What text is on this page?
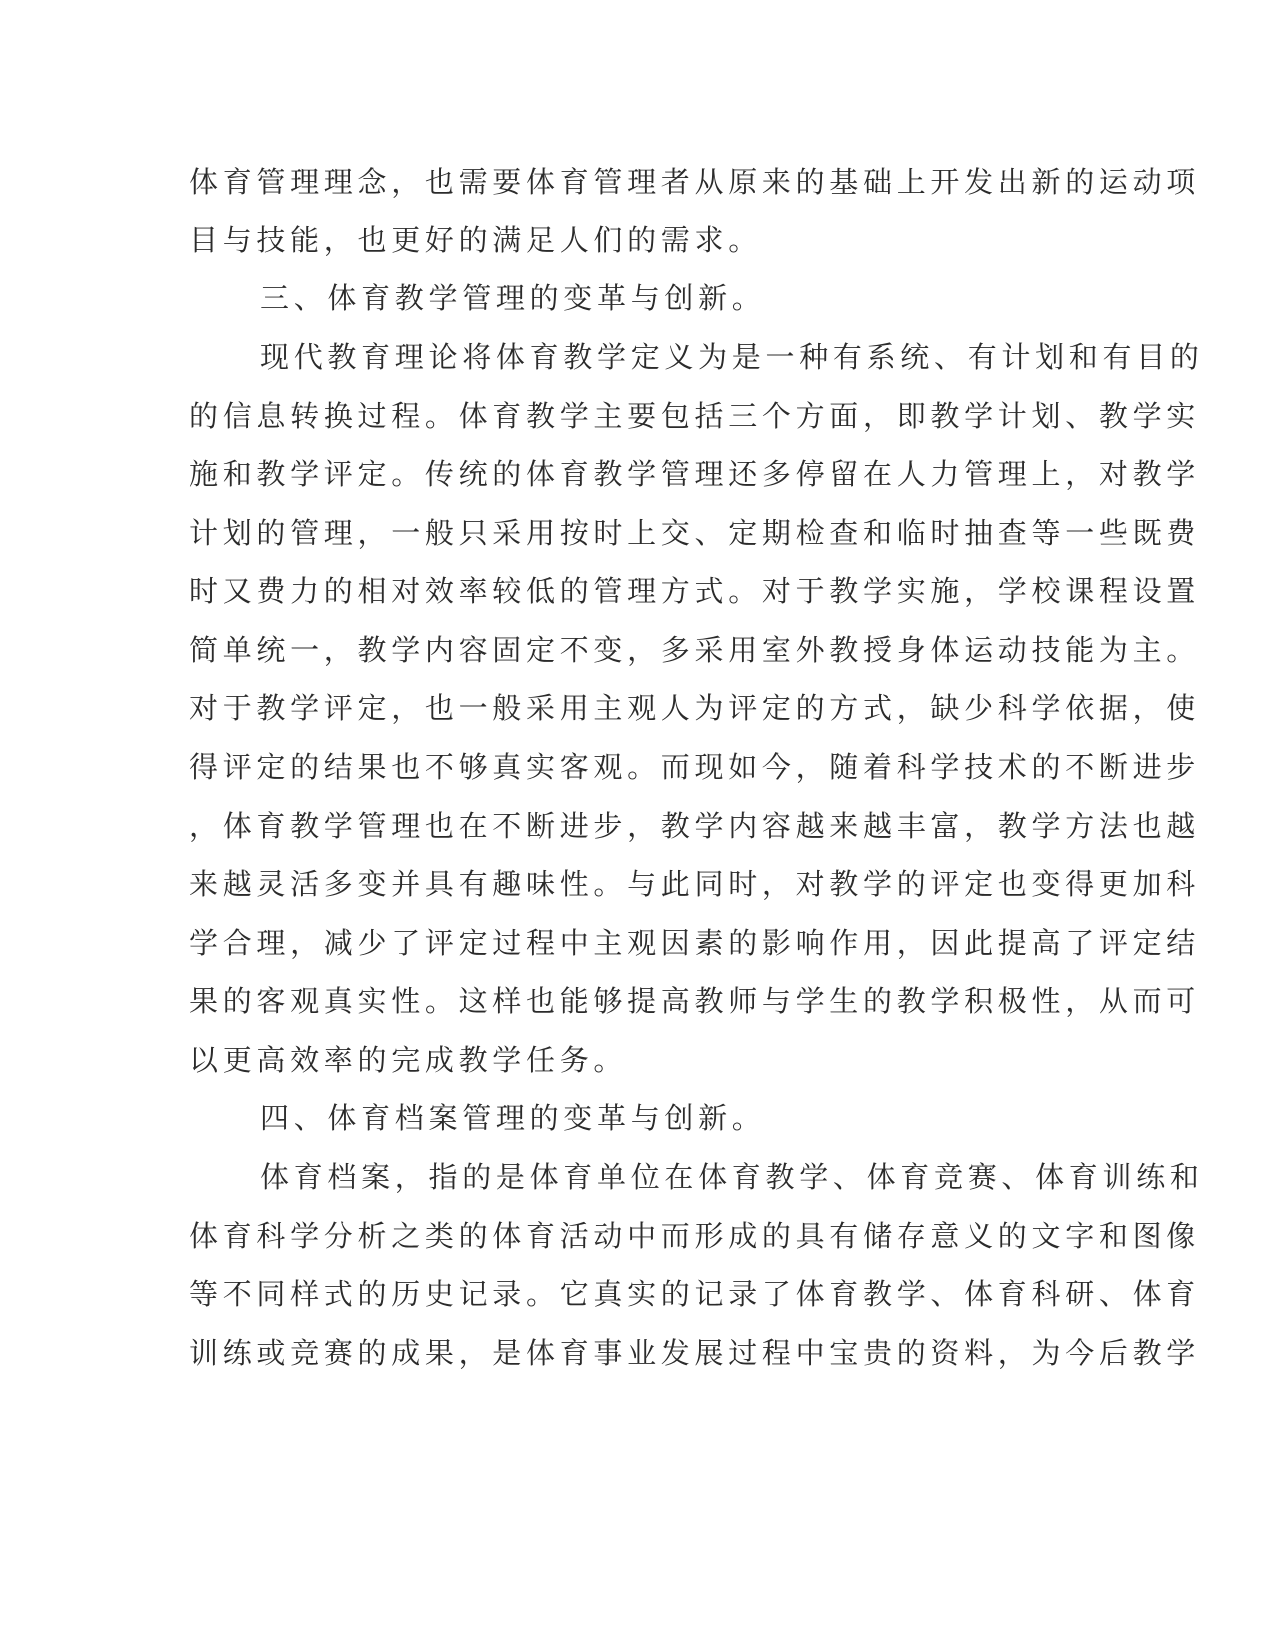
体育管理理念，也需要体育管理者从原来的基础上开发出新的运动项
目与技能，也更好的满足人们的需求。
三、体育教学管理的变革与创新。
现代教育理论将体育教学定义为是一种有系统、有计划和有目的
的信息转换过程。体育教学主要包括三个方面，即教学计划、教学实
施和教学评定。传统的体育教学管理还多停留在人力管理上，对教学
计划的管理，一般只采用按时上交、定期检查和临时抽查等一些既费
时又费力的相对效率较低的管理方式。对于教学实施，学校课程设置
简单统一，教学内容固定不变，多采用室外教授身体运动技能为主。
对于教学评定，也一般采用主观人为评定的方式，缺少科学依据，使
得评定的结果也不够真实客观。而现如今，随着科学技术的不断进步
，体育教学管理也在不断进步，教学内容越来越丰富，教学方法也越
来越灵活多变并具有趣味性。与此同时，对教学的评定也变得更加科
学合理，减少了评定过程中主观因素的影响作用，因此提高了评定结
果的客观真实性。这样也能够提高教师与学生的教学积极性，从而可
以更高效率的完成教学任务。
四、体育档案管理的变革与创新。
体育档案，指的是体育单位在体育教学、体育竞赛、体育训练和
体育科学分析之类的体育活动中而形成的具有储存意义的文字和图像
等不同样式的历史记录。它真实的记录了体育教学、体育科研、体育
训练或竞赛的成果，是体育事业发展过程中宝贵的资料，为今后教学
